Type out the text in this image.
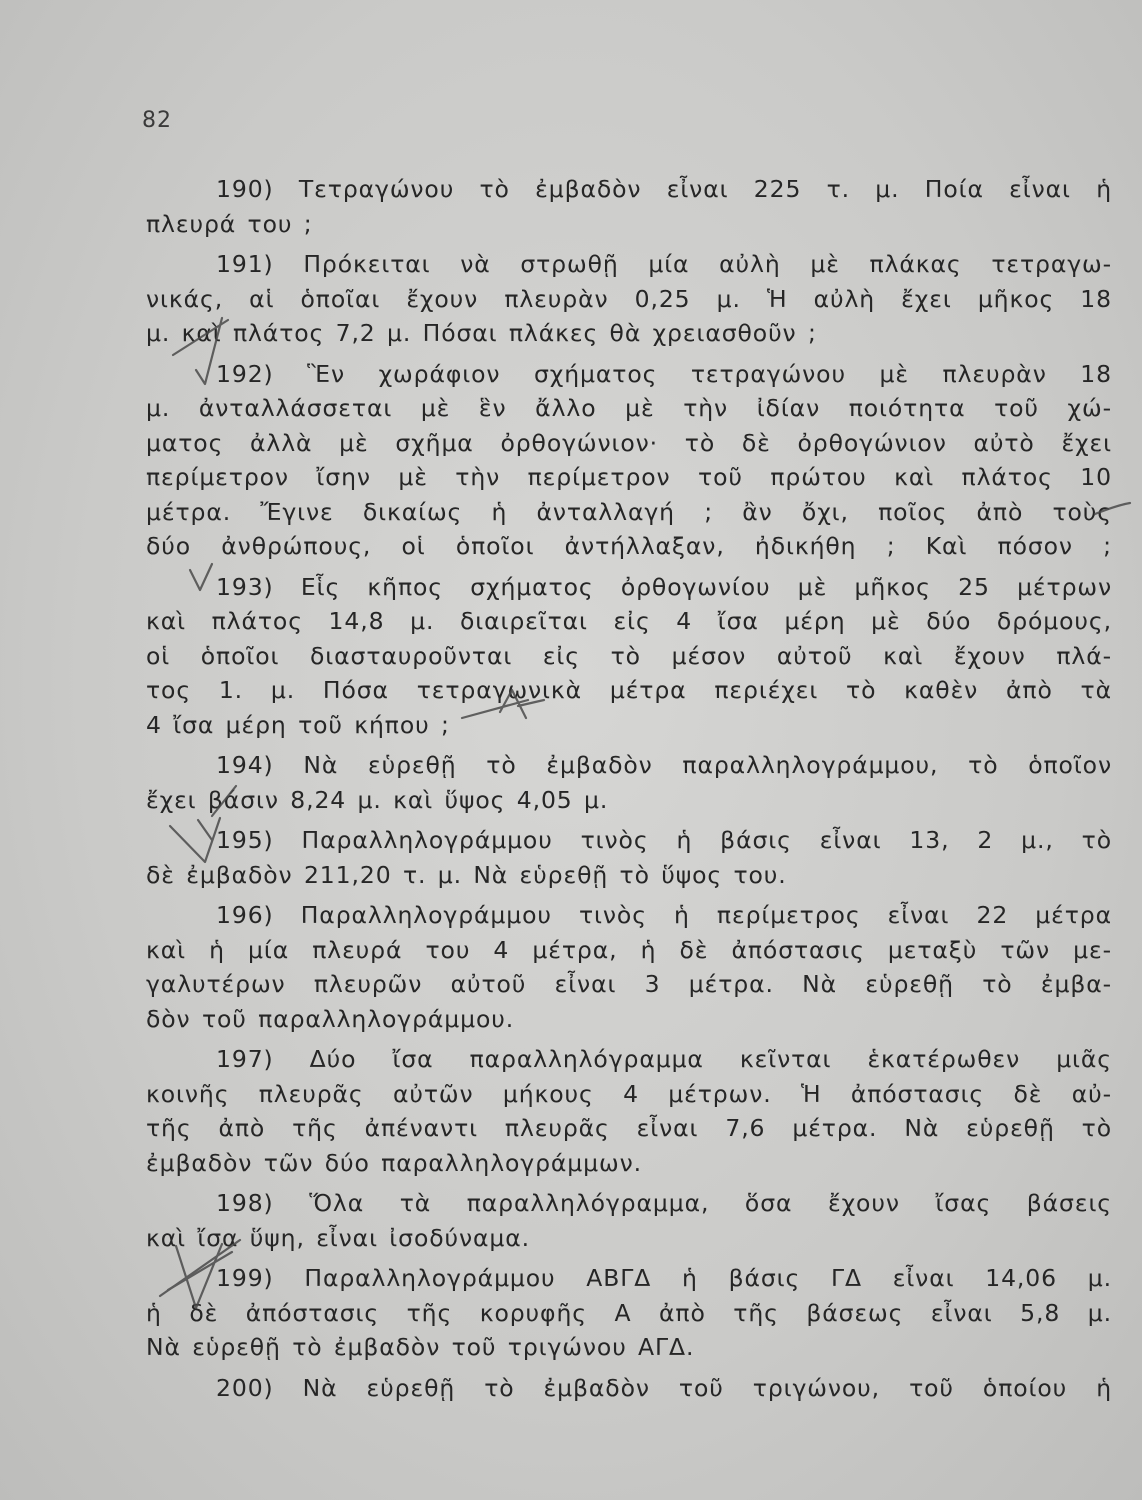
82

190) Τετραγώνου τὸ ἐμβαδὸν εἶναι 225 τ. μ. Ποία εἶναι ἡ
πλευρά του ;

191) Πρόκειται νὰ στρωθῇ μία αὐλὴ μὲ πλάκας τετραγω-
νικάς, αἱ ὁποῖαι ἔχουν πλευρὰν 0,25 μ. Ἡ αὐλὴ ἔχει μῆκος 18
μ. καὶ πλάτος 7,2 μ. Πόσαι πλάκες θὰ χρειασθοῦν ;

192) Ἓν χωράφιον σχήματος τετραγώνου μὲ πλευρὰν 18
μ. ἀνταλλάσσεται μὲ ἓν ἄλλο μὲ τὴν ἰδίαν ποιότητα τοῦ χώ-
ματος ἀλλὰ μὲ σχῆμα ὀρθογώνιον· τὸ δὲ ὀρθογώνιον αὐτὸ ἔχει
περίμετρον ἴσην μὲ τὴν περίμετρον τοῦ πρώτου καὶ πλάτος 10
μέτρα. Ἔγινε δικαίως ἡ ἀνταλλαγή ; ἂν ὄχι, ποῖος ἀπὸ τοὺς
δύο ἀνθρώπους, οἱ ὁποῖοι ἀντήλλαξαν, ἠδικήθη ; Καὶ πόσον ;

193) Εἷς κῆπος σχήματος ὀρθογωνίου μὲ μῆκος 25 μέτρων
καὶ πλάτος 14,8 μ. διαιρεῖται εἰς 4 ἴσα μέρη μὲ δύο δρόμους,
οἱ ὁποῖοι διασταυροῦνται εἰς τὸ μέσον αὐτοῦ καὶ ἔχουν πλά-
τος 1. μ. Πόσα τετραγωνικὰ μέτρα περιέχει τὸ καθὲν ἀπὸ τὰ
4 ἴσα μέρη τοῦ κήπου ;

194) Νὰ εὑρεθῇ τὸ ἐμβαδὸν παραλληλογράμμου, τὸ ὁποῖον
ἔχει βάσιν 8,24 μ. καὶ ὕψος 4,05 μ.

195) Παραλληλογράμμου τινὸς ἡ βάσις εἶναι 13, 2 μ., τὸ
δὲ ἐμβαδὸν 211,20 τ. μ. Νὰ εὑρεθῇ τὸ ὕψος του.

196) Παραλληλογράμμου τινὸς ἡ περίμετρος εἶναι 22 μέτρα
καὶ ἡ μία πλευρά του 4 μέτρα, ἡ δὲ ἀπόστασις μεταξὺ τῶν με-
γαλυτέρων πλευρῶν αὐτοῦ εἶναι 3 μέτρα. Νὰ εὑρεθῇ τὸ ἐμβα-
δὸν τοῦ παραλληλογράμμου.

197) Δύο ἴσα παραλληλόγραμμα κεῖνται ἑκατέρωθεν μιᾶς
κοινῆς πλευρᾶς αὐτῶν μήκους 4 μέτρων. Ἡ ἀπόστασις δὲ αὐ-
τῆς ἀπὸ τῆς ἀπέναντι πλευρᾶς εἶναι 7,6 μέτρα. Νὰ εὑρεθῇ τὸ
ἐμβαδὸν τῶν δύο παραλληλογράμμων.

198) Ὅλα τὰ παραλληλόγραμμα, ὅσα ἔχουν ἴσας βάσεις
καὶ ἴσα ὕψη, εἶναι ἰσοδύναμα.

199) Παραλληλογράμμου ΑΒΓΔ ἡ βάσις ΓΔ εἶναι 14,06 μ.
ἡ δὲ ἀπόστασις τῆς κορυφῆς Α ἀπὸ τῆς βάσεως εἶναι 5,8 μ.
Νὰ εὑρεθῇ τὸ ἐμβαδὸν τοῦ τριγώνου ΑΓΔ.

200) Νὰ εὑρεθῇ τὸ ἐμβαδὸν τοῦ τριγώνου, τοῦ ὁποίου ἡ
